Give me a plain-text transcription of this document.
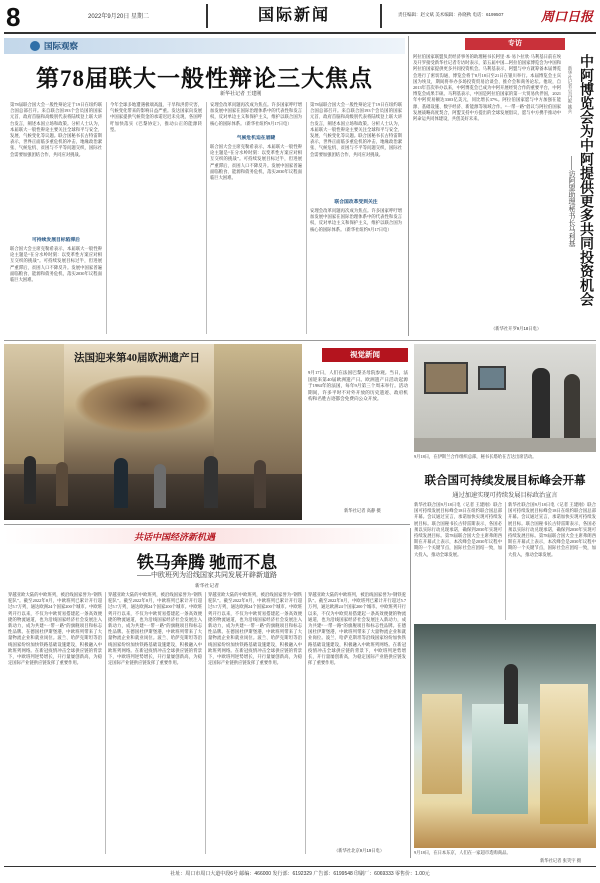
8	2022年9月20日 星期二	国际新闻	责任编辑：赵文斌 美术编辑：孙晓秋 电话：6199507	周口日报
国际观察
第78届联大一般性辩论三大焦点
新华社记者 王建刚
第78届联合国大会一般性辩论定于19日在纽约联合国总部召开。来自联合国193个会员国的国家元首、政府首脑和高级别代表将陆续登上联大讲台发言，阐述本国立场和政策。分析人士认为，本届联大一般性辩论主要关注全球和平与安全、发展、气候变化等议题。联合国秘书长古特雷斯表示，世界正面临多重危机的冲击，地缘政治紧张、气候危机、贫困与不平等问题交织，国际社会需要加强团结合作，共同应对挑战。
可持续发展目标陷滞后
联合国大会主席克勒希表示，本届联大一般性辩论主题是“在分水岭时刻：以变革性方案应对相互交织的挑战”。可持续发展目标过半，但进展严重滞后，贫困人口不降反升。发展中国家普遍面临粮食、能源和债务危机，落实2030年议程面临巨大困难。
今年全球多地遭遇极端高温、干旱和洪涝灾害，气候变化带来的影响日益严重。发达国家向发展中国家提供气候资金的承诺迟迟未兑现，各国呼吁加快落实《巴黎协定》，推动公正的能源转型。
气候危机迫在眉睫
安理会改革问题再次成为焦点。许多国家呼吁增加发展中国家在国际治理体系中的代表性和发言权，反对单边主义和保护主义，维护以联合国为核心的国际体系。（新华社纽约9月17日电）
联合国大会主席克勒希表示，本届联大一般性辩论主题是“在分水岭时刻：以变革性方案应对相互交织的挑战”。可持续发展目标过半，但进展严重滞后，贫困人口不降反升。发展中国家普遍面临粮食、能源和债务危机，落实2030年议程面临巨大困难。
联合国改革受到关注
第78届联合国大会一般性辩论定于19日在纽约联合国总部召开。来自联合国193个会员国的国家元首、政府首脑和高级别代表将陆续登上联大讲台发言，阐述本国立场和政策。分析人士认为，本届联大一般性辩论主要关注全球和平与安全、发展、气候变化等议题。联合国秘书长古特雷斯表示，世界正面临多重危机的冲击，地缘政治紧张、气候危机、贫困与不平等问题交织，国际社会需要加强团结合作，共同应对挑战。
安理会改革问题再次成为焦点。许多国家呼吁增加发展中国家在国际治理体系中的代表性和发言权，反对单边主义和保护主义，维护以联合国为核心的国际体系。（新华社纽约9月17日电）
专访
阿拉伯国家联盟负责经济事务的助理秘书长阿里·本·易卜拉欣·马利基日前在埃及开罗接受新华社记者专访时表示，第五届中国—阿拉伯国家博览会为中国和阿拉伯国家提供更多共同投资机会。马利基表示，阿盟与中方就筹备本届博览会进行了密切沟通，博览会将于8月18日至21日在银川举行。本届博览会主宾国为埃及，期间将举办多场投资贸易洽谈会、推介会和商务论坛。他说，自2013年首次举办以来，中阿博览会已成为中阿开展经贸合作的重要平台，中阿博览会成果丰硕。马利基表示，中国是阿拉伯国家的第一大贸易伙伴国，2021年中阿贸易额达3303亿美元，同比增长37%。阿拉伯国家愿与中方加强在能源、基础设施、数字经济、新能源等领域合作。“一带一路”倡议与阿拉伯国家发展战略高度契合，阿盟支持中方提出的全球发展倡议，愿与中方携手推动中阿命运共同体建设，共创美好未来。
（新华社开罗9月18日电）
中阿博览会为中阿提供更多共同投资机会
——访阿盟助理秘书长马利基
新华社记者 吴丹妮 姚兵
法国迎来第40届欧洲遗产日	视觉新闻
9月17日，人们在法国巴黎圣母院参观。当日，法国迎来第40届欧洲遗产日。欧洲遗产日活动起源于1984年的法国，每年9月第三个周末举行。活动期间，许多平时不对外开放的历史遗迹、政府机构和名胜古迹都会免费向公众开放。
新华社记者 高静 摄
9月18日，在伊斯兰合作组织总部，秘书长塔哈在吉达出席活动。
联合国可持续发展目标峰会开幕
通过加速实现可持续发展目标政治宣言
新华社联合国9月18日电（记者 王建刚）联合国可持续发展目标峰会18日在纽约联合国总部开幕。会议通过宣言，承诺加快实现可持续发展目标。联合国秘书长古特雷斯表示，各国必须以实际行动兑现承诺，确保到2030年实现可持续发展目标。第78届联合国大会主席弗朗西斯在开幕式上表示，本次峰会是2030年议程中期的一个关键节点，国际社会应团结一致，加大投入，推动全球发展。
新华社联合国9月18日电（记者 王建刚）联合国可持续发展目标峰会18日在纽约联合国总部开幕。会议通过宣言，承诺加快实现可持续发展目标。联合国秘书长古特雷斯表示，各国必须以实际行动兑现承诺，确保到2030年实现可持续发展目标。第78届联合国大会主席弗朗西斯在开幕式上表示，本次峰会是2030年议程中期的一个关键节点，国际社会应团结一致，加大投入，推动全球发展。
共话中国经济新机遇
铁马奔腾 驰而不息
——中欧班列为沿线国家共同发展开辟新道路
新华社记者
穿越亚欧大陆的中欧班列，被沿线国家誉为“钢铁驼队”。截至2022年8月，中欧班列已累计开行超过5.7万列，通达欧洲24个国家200个城市。中欧班列开行以来，不仅为中欧贸易搭建起一条高效便捷的物流通道，也为沿线国家经济社会发展注入新动力，成为共建“一带一路”的旗舰项目和标志性品牌。在德国杜伊斯堡港，中欧班列带来了大量物流企业和就业岗位。波兰、哈萨克斯坦等沿线国家纷纷加快铁路基础设施建设，积极融入中欧班列网络。在新冠疫情冲击全球供应链的背景下，中欧班列逆势增长，开行量屡创新高，为稳定国际产业链供应链发挥了重要作用。
穿越亚欧大陆的中欧班列，被沿线国家誉为“钢铁驼队”。截至2022年8月，中欧班列已累计开行超过5.7万列，通达欧洲24个国家200个城市。中欧班列开行以来，不仅为中欧贸易搭建起一条高效便捷的物流通道，也为沿线国家经济社会发展注入新动力，成为共建“一带一路”的旗舰项目和标志性品牌。在德国杜伊斯堡港，中欧班列带来了大量物流企业和就业岗位。波兰、哈萨克斯坦等沿线国家纷纷加快铁路基础设施建设，积极融入中欧班列网络。在新冠疫情冲击全球供应链的背景下，中欧班列逆势增长，开行量屡创新高，为稳定国际产业链供应链发挥了重要作用。
穿越亚欧大陆的中欧班列，被沿线国家誉为“钢铁驼队”。截至2022年8月，中欧班列已累计开行超过5.7万列，通达欧洲24个国家200个城市。中欧班列开行以来，不仅为中欧贸易搭建起一条高效便捷的物流通道，也为沿线国家经济社会发展注入新动力，成为共建“一带一路”的旗舰项目和标志性品牌。在德国杜伊斯堡港，中欧班列带来了大量物流企业和就业岗位。波兰、哈萨克斯坦等沿线国家纷纷加快铁路基础设施建设，积极融入中欧班列网络。在新冠疫情冲击全球供应链的背景下，中欧班列逆势增长，开行量屡创新高，为稳定国际产业链供应链发挥了重要作用。
穿越亚欧大陆的中欧班列，被沿线国家誉为“钢铁驼队”。截至2022年8月，中欧班列已累计开行超过5.7万列，通达欧洲24个国家200个城市。中欧班列开行以来，不仅为中欧贸易搭建起一条高效便捷的物流通道，也为沿线国家经济社会发展注入新动力，成为共建“一带一路”的旗舰项目和标志性品牌。在德国杜伊斯堡港，中欧班列带来了大量物流企业和就业岗位。波兰、哈萨克斯坦等沿线国家纷纷加快铁路基础设施建设，积极融入中欧班列网络。在新冠疫情冲击全球供应链的背景下，中欧班列逆势增长，开行量屡创新高，为稳定国际产业链供应链发挥了重要作用。
（新华社北京9月19日电）	9月18日，在日本东京，人们在一家超市选购商品。
新华社记者 张笑宇 摄
社址：周口市周口大道中段6号 邮编：466000 发行部：6192329 广告部：6199548 印刷厂：6069333 零售价：1.00元
